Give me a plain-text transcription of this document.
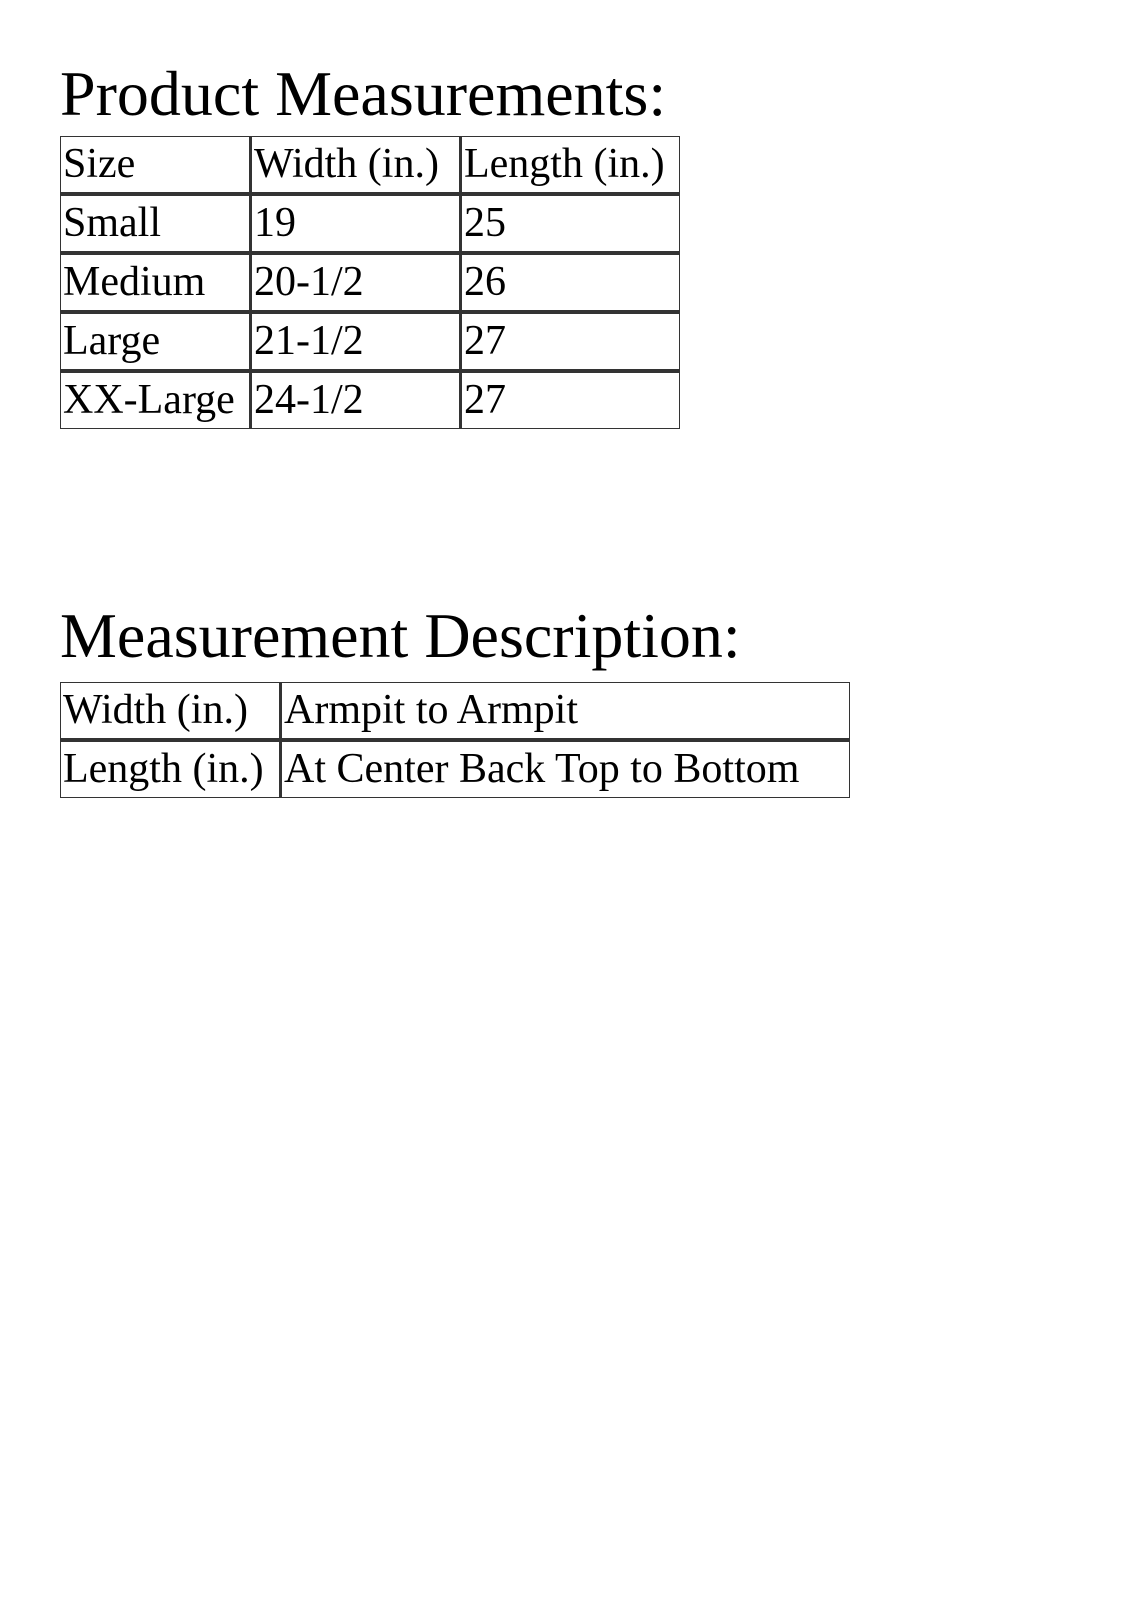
Product Measurements:
Size	Width (in.)	Length (in.)
Small	19	25
Medium	20-1/2	26
Large	21-1/2	27
XX-Large	24-1/2	27
Measurement Description:
Width (in.)	Armpit to Armpit
Length (in.)	At Center Back Top to Bottom
